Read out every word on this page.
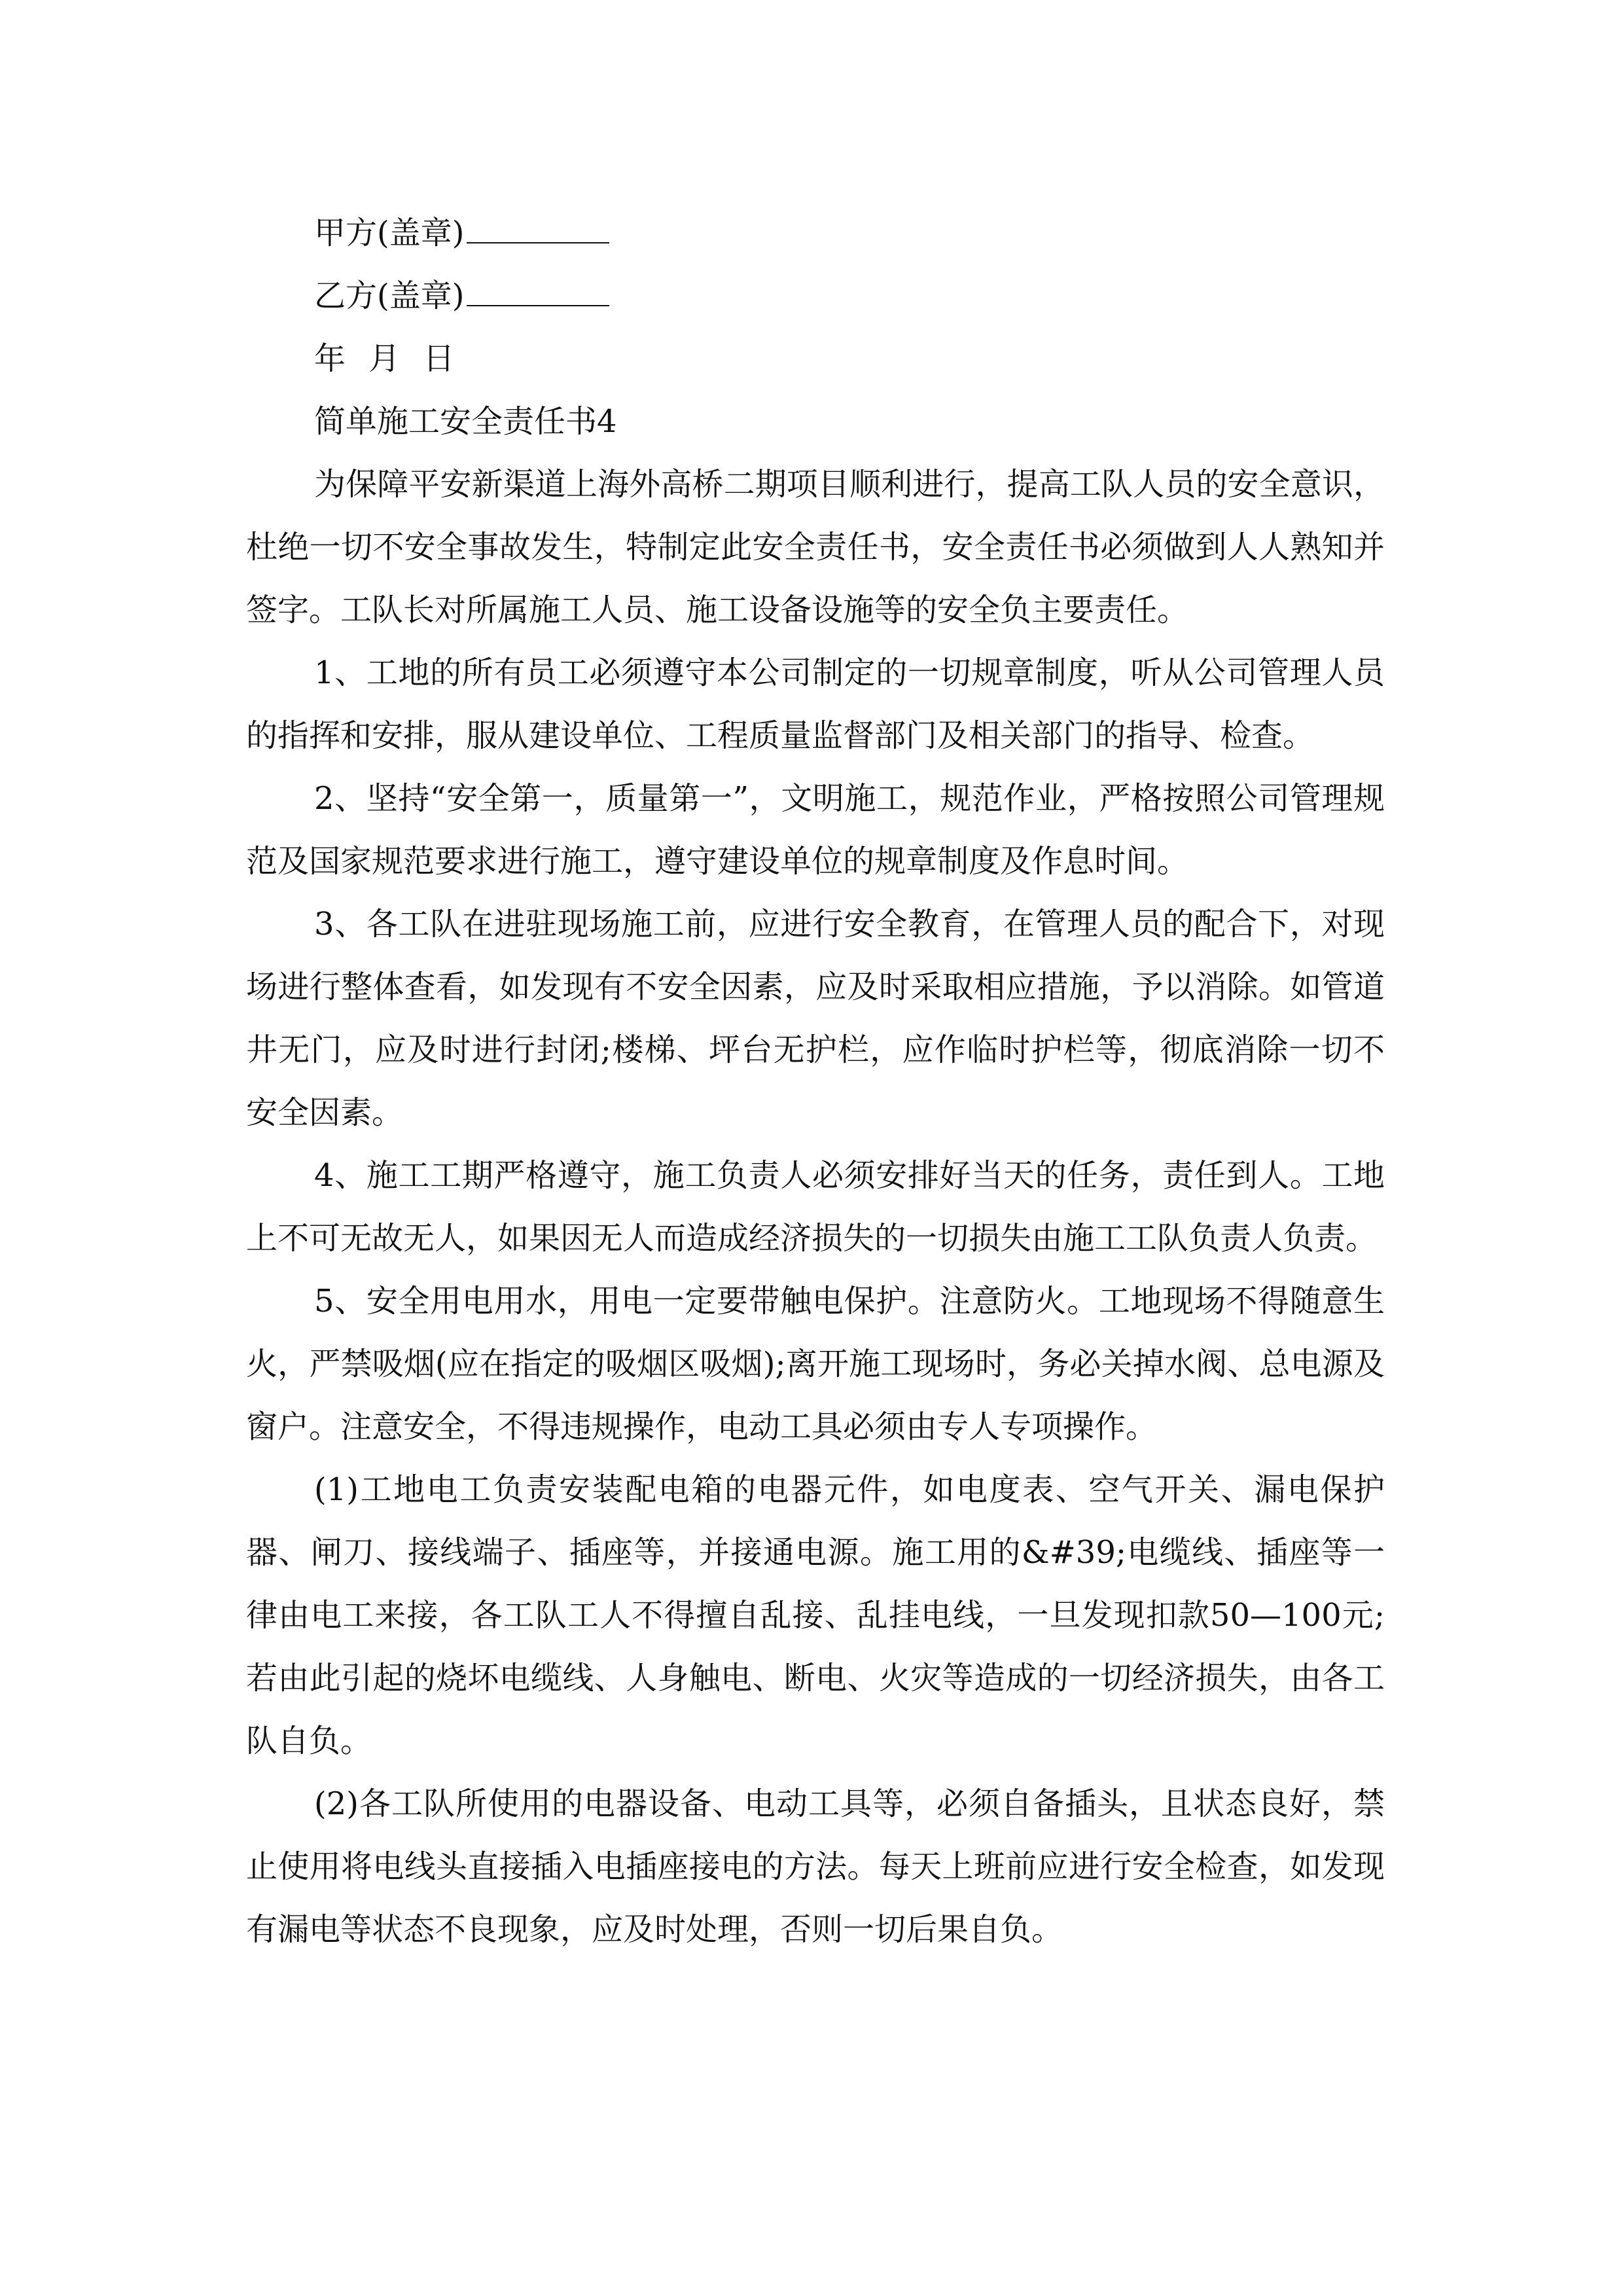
甲方(盖章)

乙方(盖章)

年 月 日

简单施工安全责任书4

为保障平安新渠道上海外高桥二期项目顺利进行，提高工队人员的安全意识，杜绝一切不安全事故发生，特制定此安全责任书，安全责任书必须做到人人熟知并签字。工队长对所属施工人员、施工设备设施等的安全负主要责任。

1、工地的所有员工必须遵守本公司制定的一切规章制度，听从公司管理人员的指挥和安排，服从建设单位、工程质量监督部门及相关部门的指导、检查。

2、坚持“安全第一，质量第一”，文明施工，规范作业，严格按照公司管理规范及国家规范要求进行施工，遵守建设单位的规章制度及作息时间。

3、各工队在进驻现场施工前，应进行安全教育，在管理人员的配合下，对现场进行整体查看，如发现有不安全因素，应及时采取相应措施，予以消除。如管道井无门，应及时进行封闭;楼梯、坪台无护栏，应作临时护栏等，彻底消除一切不安全因素。

4、施工工期严格遵守，施工负责人必须安排好当天的任务，责任到人。工地上不可无故无人，如果因无人而造成经济损失的一切损失由施工工队负责人负责。

5、安全用电用水，用电一定要带触电保护。注意防火。工地现场不得随意生火，严禁吸烟(应在指定的吸烟区吸烟);离开施工现场时，务必关掉水阀、总电源及窗户。注意安全，不得违规操作，电动工具必须由专人专项操作。

(1)工地电工负责安装配电箱的电器元件，如电度表、空气开关、漏电保护器、闸刀、接线端子、插座等，并接通电源。施工用的&#39;电缆线、插座等一律由电工来接，各工队工人不得擅自乱接、乱挂电线，一旦发现扣款50—100元;若由此引起的烧坏电缆线、人身触电、断电、火灾等造成的一切经济损失，由各工队自负。

(2)各工队所使用的电器设备、电动工具等，必须自备插头，且状态良好，禁止使用将电线头直接插入电插座接电的方法。每天上班前应进行安全检查，如发现有漏电等状态不良现象，应及时处理，否则一切后果自负。
